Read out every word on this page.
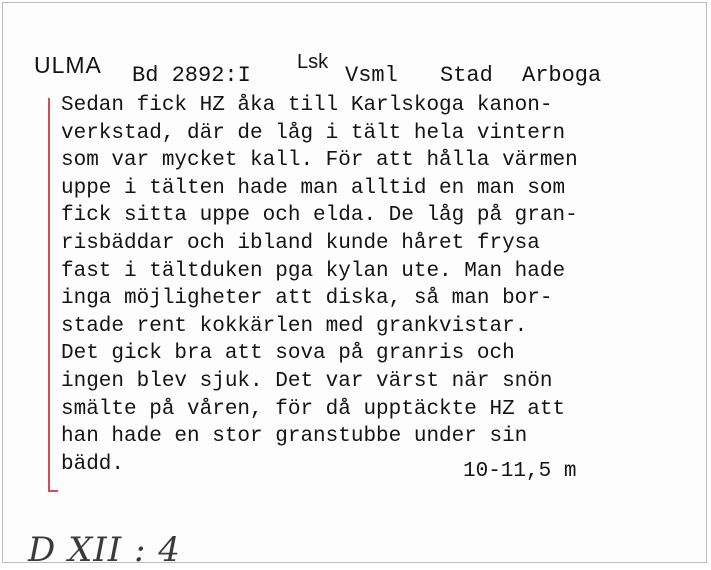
ULMA Bd 2892:I
Lsk
Vsml Stad Arboga
Sedan fick HZ åka till Karlskoga kanon-
verkstad, där de låg i tält hela vintern
som var mycket kall. För att hålla värmen
uppe i tälten hade man alltid en man som
fick sitta uppe och elda. De låg på gran-
risbäddar och ibland kunde håret frysa
fast i tältduken pga kylan ute. Man hade
inga möjligheter att diska, så man bor-
stade rent kokkärlen med grankvistar.
Det gick bra att sova på granris och
ingen blev sjuk. Det var värst när snön
smälte på våren, för då upptäckte HZ att
han hade en stor granstubbe under sin
bädd.	10-11,5 m
D XII : 4
